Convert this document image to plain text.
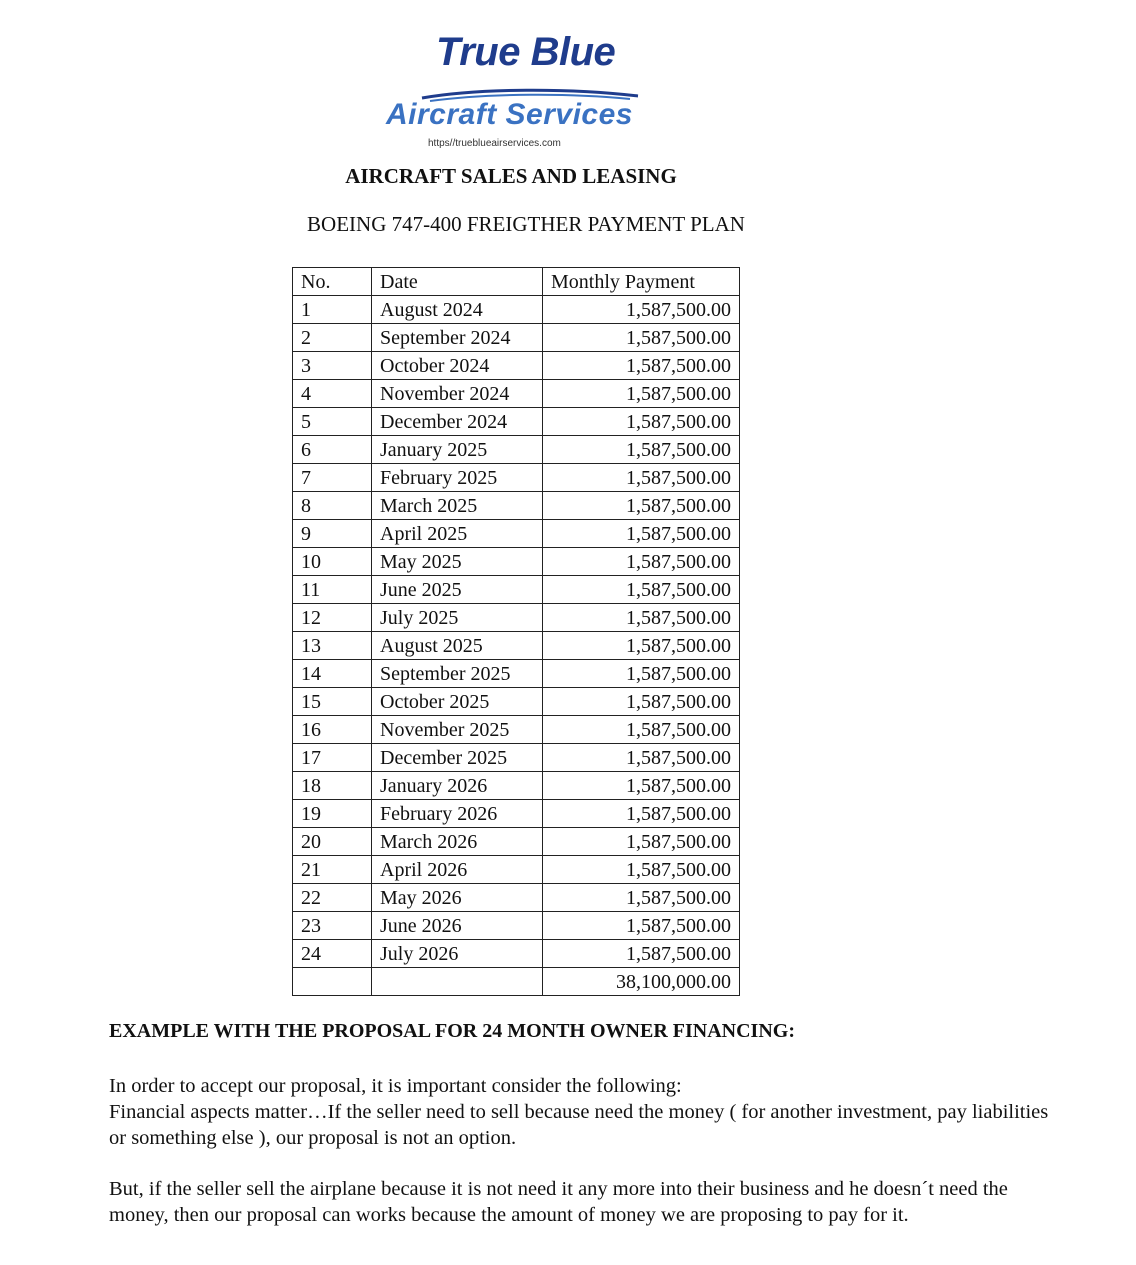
True Blue
Aircraft Services
https//trueblueairservices.com
AIRCRAFT SALES AND LEASING
BOEING 747-400 FREIGTHER PAYMENT PLAN
No.	Date	Monthly Payment
1	August 2024	1,587,500.00
2	September 2024	1,587,500.00
3	October 2024	1,587,500.00
4	November 2024	1,587,500.00
5	December 2024	1,587,500.00
6	January 2025	1,587,500.00
7	February 2025	1,587,500.00
8	March 2025	1,587,500.00
9	April 2025	1,587,500.00
10	May 2025	1,587,500.00
11	June 2025	1,587,500.00
12	July 2025	1,587,500.00
13	August 2025	1,587,500.00
14	September 2025	1,587,500.00
15	October 2025	1,587,500.00
16	November 2025	1,587,500.00
17	December 2025	1,587,500.00
18	January 2026	1,587,500.00
19	February 2026	1,587,500.00
20	March 2026	1,587,500.00
21	April 2026	1,587,500.00
22	May 2026	1,587,500.00
23	June 2026	1,587,500.00
24	July 2026	1,587,500.00
		38,100,000.00
EXAMPLE WITH THE PROPOSAL FOR 24 MONTH OWNER FINANCING:
In order to accept our proposal, it is important consider the following:
Financial aspects matter…If the seller need to sell because need the money ( for another investment, pay liabilities or something else ), our proposal is not an option.
But, if the seller sell the airplane because it is not need it any more into their business and he doesn´t need the money, then our proposal can works because the amount of money we are proposing to pay for it.
